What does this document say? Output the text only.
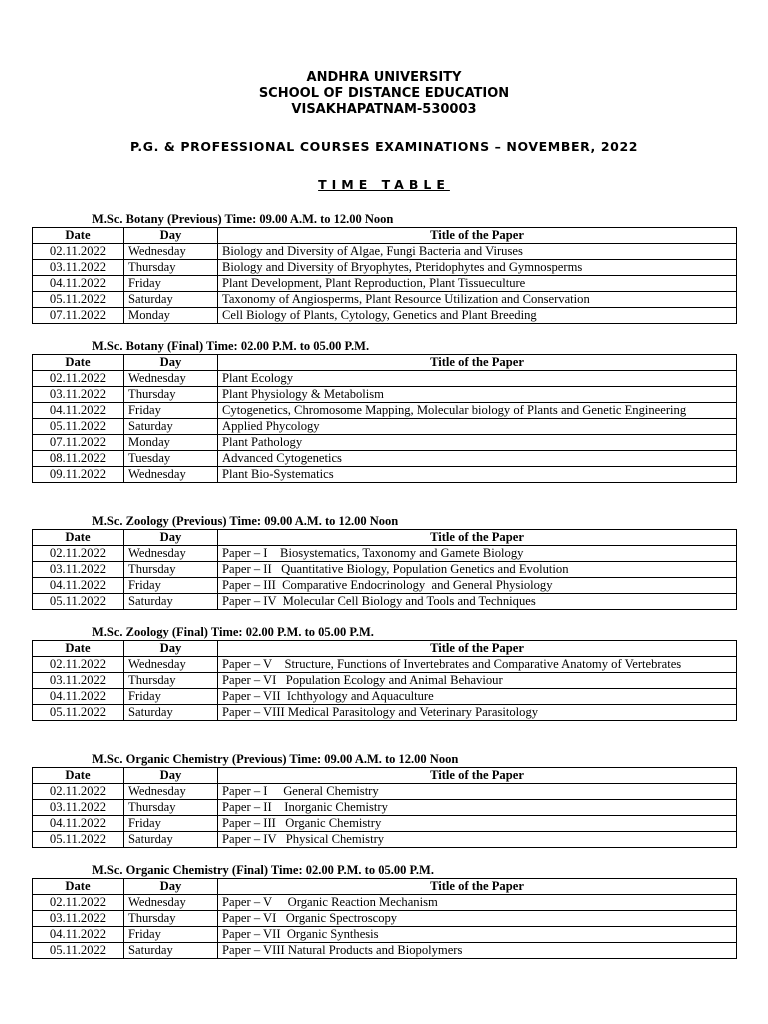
ANDHRA UNIVERSITY
SCHOOL OF DISTANCE EDUCATION
VISAKHAPATNAM-530003
P.G. & PROFESSIONAL COURSES EXAMINATIONS – NOVEMBER, 2022
TIME TABLE
M.Sc. Botany (Previous) Time: 09.00 A.M. to 12.00 Noon
Date	Day	Title of the Paper
02.11.2022	Wednesday	Biology and Diversity of Algae, Fungi Bacteria and Viruses
03.11.2022	Thursday	Biology and Diversity of Bryophytes, Pteridophytes and Gymnosperms
04.11.2022	Friday	Plant Development, Plant Reproduction, Plant Tissueculture
05.11.2022	Saturday	Taxonomy of Angiosperms, Plant Resource Utilization and Conservation
07.11.2022	Monday	Cell Biology of Plants, Cytology, Genetics and Plant Breeding
M.Sc. Botany (Final) Time: 02.00 P.M. to 05.00 P.M.
Date	Day	Title of the Paper
02.11.2022	Wednesday	Plant Ecology
03.11.2022	Thursday	Plant Physiology & Metabolism
04.11.2022	Friday	Cytogenetics, Chromosome Mapping, Molecular biology of Plants and Genetic Engineering
05.11.2022	Saturday	Applied Phycology
07.11.2022	Monday	Plant Pathology
08.11.2022	Tuesday	Advanced Cytogenetics
09.11.2022	Wednesday	Plant Bio-Systematics
M.Sc. Zoology (Previous) Time: 09.00 A.M. to 12.00 Noon
Date	Day	Title of the Paper
02.11.2022	Wednesday	Paper – I    Biosystematics, Taxonomy and Gamete Biology
03.11.2022	Thursday	Paper – II   Quantitative Biology, Population Genetics and Evolution
04.11.2022	Friday	Paper – III  Comparative Endocrinology  and General Physiology
05.11.2022	Saturday	Paper – IV  Molecular Cell Biology and Tools and Techniques
M.Sc. Zoology (Final) Time: 02.00 P.M. to 05.00 P.M.
Date	Day	Title of the Paper
02.11.2022	Wednesday	Paper – V    Structure, Functions of Invertebrates and Comparative Anatomy of Vertebrates
03.11.2022	Thursday	Paper – VI   Population Ecology and Animal Behaviour
04.11.2022	Friday	Paper – VII  Ichthyology and Aquaculture
05.11.2022	Saturday	Paper – VIII Medical Parasitology and Veterinary Parasitology
M.Sc. Organic Chemistry (Previous) Time: 09.00 A.M. to 12.00 Noon
Date	Day	Title of the Paper
02.11.2022	Wednesday	Paper – I     General Chemistry
03.11.2022	Thursday	Paper – II    Inorganic Chemistry
04.11.2022	Friday	Paper – III   Organic Chemistry
05.11.2022	Saturday	Paper – IV   Physical Chemistry
M.Sc. Organic Chemistry (Final) Time: 02.00 P.M. to 05.00 P.M.
Date	Day	Title of the Paper
02.11.2022	Wednesday	Paper – V     Organic Reaction Mechanism
03.11.2022	Thursday	Paper – VI   Organic Spectroscopy
04.11.2022	Friday	Paper – VII  Organic Synthesis
05.11.2022	Saturday	Paper – VIII Natural Products and Biopolymers
